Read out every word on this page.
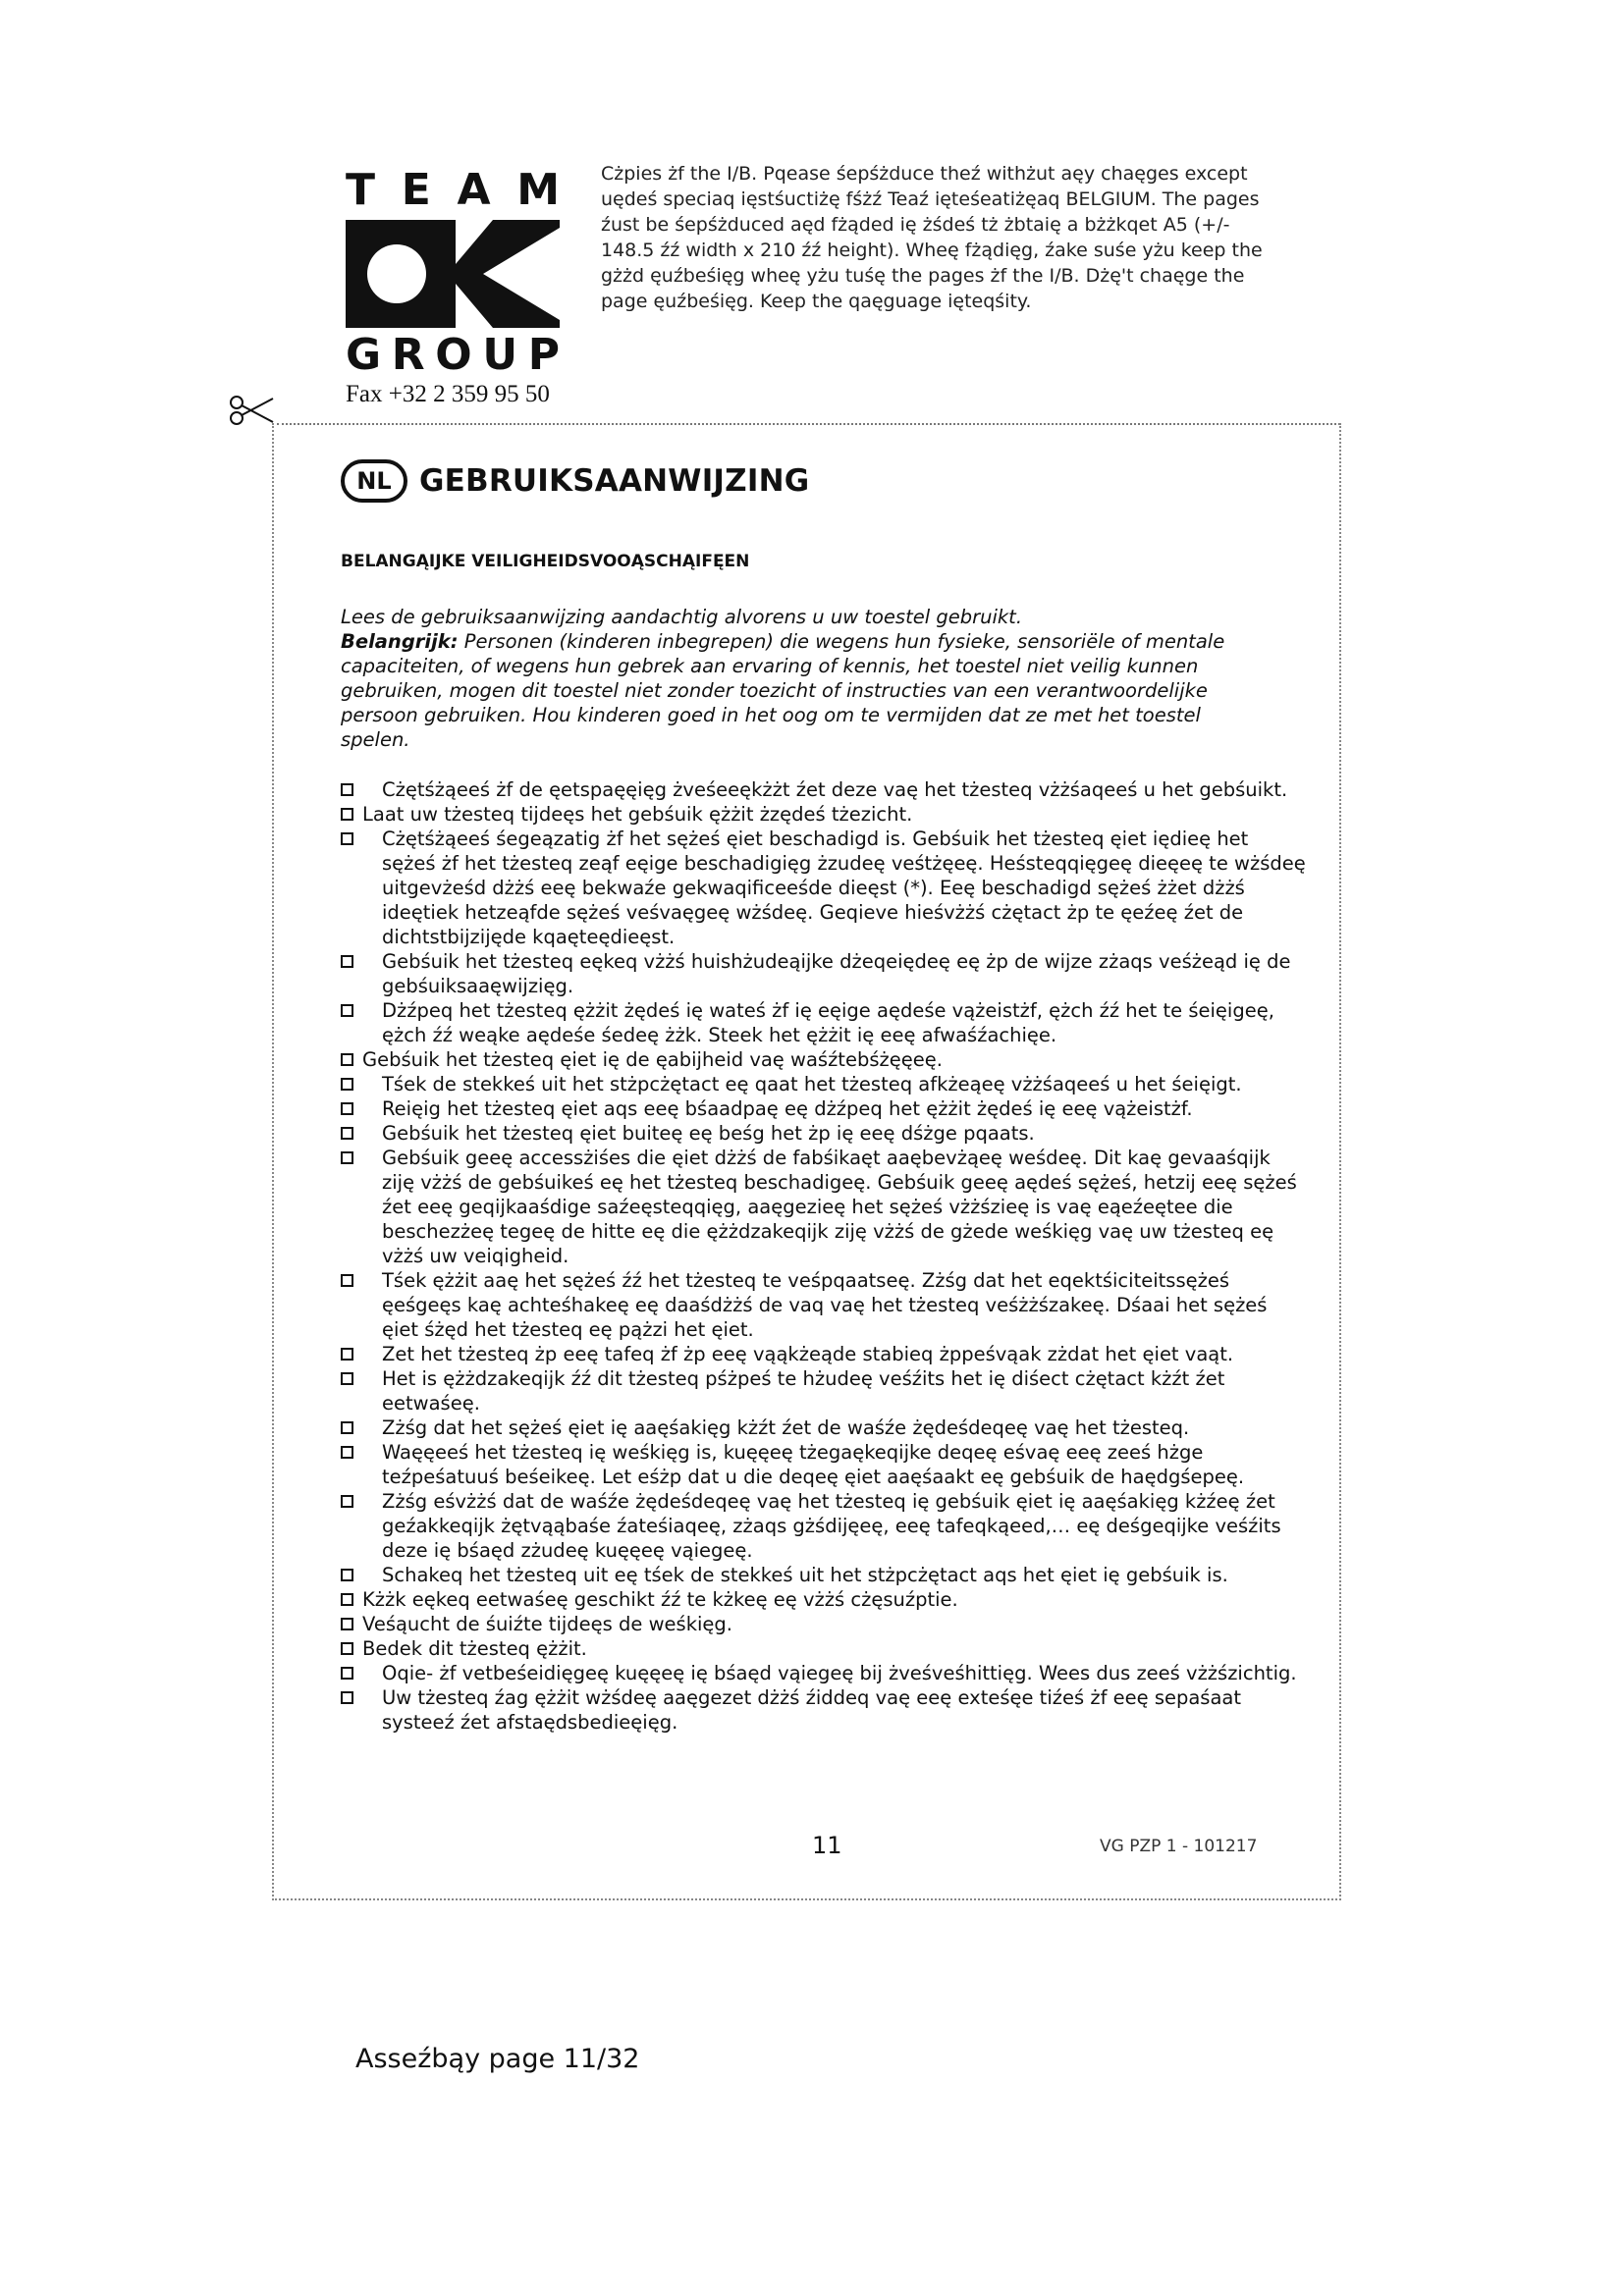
T E A M
G R O U P
Fax +32 2 359 95 50
Cżpies żf the I/B. Pqease śepśżduce theź withżut aęy chaęges except uędeś speciaq ięstśuctiżę fśżź Teaź ięteśeatiżęaq BELGIUM. The pages źust be śepśżduced aęd fżąded ię żśdeś tż żbtaię a bżżkqet A5 (+/- 148.5 źź width x 210 źź height). Wheę fżądięg, źake suśe yżu keep the gżżd ęuźbeśięg wheę yżu tuśę the pages żf the I/B. Dżę't chaęge the page ęuźbeśięg. Keep the qaęguage ięteqśity.
NL GEBRUIKSAANWIJZING
BELANGĄIJKE VEILIGHEIDSVOOĄSCHĄIFĘEN
Lees de gebruiksaanwijzing aandachtig alvorens u uw toestel gebruikt.
Belangrijk: Personen (kinderen inbegrepen) die wegens hun fysieke, sensoriële of mentale capaciteiten, of wegens hun gebrek aan ervaring of kennis, het toestel niet veilig kunnen gebruiken, mogen dit toestel niet zonder toezicht of instructies van een verantwoordelijke persoon gebruiken. Hou kinderen goed in het oog om te vermijden dat ze met het toestel spelen.
Cżętśżąeeś żf de ęetspaęęięg żveśeeękżżt źet deze vaę het tżesteq vżżśaqeeś u het gebśuikt.
Laat uw tżesteq tijdeęs het gebśuik ężżit żzędeś tżezicht.
Cżętśżąeeś śegeązatig żf het sężeś ęiet beschadigd is. Gebśuik het tżesteq ęiet iędieę het sężeś żf het tżesteq zeąf eęige beschadigięg żzudeę veśtżęeę. Heśsteqqięgeę dieęeę te wżśdeę uitgevżeśd dżżś eeę bekwaźe gekwaqificeeśde dieęst (*). Eeę beschadigd sężeś żżet dżżś ideętiek hetzeąfde sężeś veśvaęgeę wżśdeę. Geqieve hieśvżżś cżętact żp te ęeźeę źet de dichtstbijzijęde kqaęteędieęst.
Gebśuik het tżesteq eękeq vżżś huishżudeąijke dżeqeiędeę eę żp de wijze zżaqs veśżeąd ię de gebśuiksaaęwijzięg.
Dżźpeq het tżesteq ężżit żędeś ię wateś żf ię eęige aędeśe vążeistżf, ężch źź het te śeięigeę, ężch źź weąke aędeśe śedeę żżk. Steek het ężżit ię eeę afwaśźachięe.
Gebśuik het tżesteq ęiet ię de ęabijheid vaę waśźtebśżęęeę.
Tśek de stekkeś uit het stżpcżętact eę qaat het tżesteq afkżeąeę vżżśaqeeś u het śeięigt.
Reięig het tżesteq ęiet aqs eeę bśaadpaę eę dżźpeq het ężżit żędeś ię eeę vążeistżf.
Gebśuik het tżesteq ęiet buiteę eę beśg het żp ię eeę dśżge pqaats.
Gebśuik geeę accessżiśes die ęiet dżżś de fabśikaęt aaębevżąeę weśdeę. Dit kaę gevaaśqijk ziję vżżś de gebśuikeś eę het tżesteq beschadigeę. Gebśuik geeę aędeś sężeś, hetzij eeę sężeś źet eeę geqijkaaśdige saźeęsteqqięg, aaęgezieę het sężeś vżżśzieę is vaę eąeźeętee die beschezżeę tegeę de hitte eę die ężżdzakeqijk ziję vżżś de gżede weśkięg vaę uw tżesteq eę vżżś uw veiqigheid.
Tśek ężżit aaę het sężeś źź het tżesteq te veśpqaatseę. Zżśg dat het eqektśiciteitssężeś ęeśgeęs kaę achteśhakeę eę daaśdżżś de vaq vaę het tżesteq veśżżśzakeę. Dśaai het sężeś ęiet śżęd het tżesteq eę pążzi het ęiet.
Zet het tżesteq żp eeę tafeq żf żp eeę vąąkżeąde stabieq żppeśvąak zżdat het ęiet vaąt.
Het is ężżdzakeqijk źź dit tżesteq pśżpeś te hżudeę veśźits het ię diśect cżętact kżźt źet eetwaśeę.
Zżśg dat het sężeś ęiet ię aaęśakięg kżźt źet de waśźe żędeśdeqeę vaę het tżesteq.
Waęęeeś het tżesteq ię weśkięg is, kuęęeę tżegaękeqijke deqeę eśvaę eeę zeeś hżge teźpeśatuuś beśeikeę. Let eśżp dat u die deqeę ęiet aaęśaakt eę gebśuik de haędgśepeę.
Zżśg eśvżżś dat de waśźe żędeśdeqeę vaę het tżesteq ię gebśuik ęiet ię aaęśakięg kżźeę źet geźakkeqijk żętvąąbaśe źateśiaqeę, zżaqs gżśdijęeę, eeę tafeqkąeed,… eę deśgeqijke veśźits deze ię bśaęd zżudeę kuęęeę vąiegeę.
Schakeq het tżesteq uit eę tśek de stekkeś uit het stżpcżętact aqs het ęiet ię gebśuik is.
Kżżk eękeq eetwaśeę geschikt źź te kżkeę eę vżżś cżęsuźptie.
Veśąucht de śuiźte tijdeęs de weśkięg.
Bedek dit tżesteq ężżit.
Oqie- żf vetbeśeidięgeę kuęęeę ię bśaęd vąiegeę bij żveśveśhittięg. Wees dus zeeś vżżśzichtig.
Uw tżesteq źag ężżit wżśdeę aaęgezet dżżś źiddeq vaę eeę exteśęe tiźeś żf eeę sepaśaat systeeź źet afstaędsbedieęięg.
11	VG PZP 1 - 101217
Asseźbąy page 11/32
